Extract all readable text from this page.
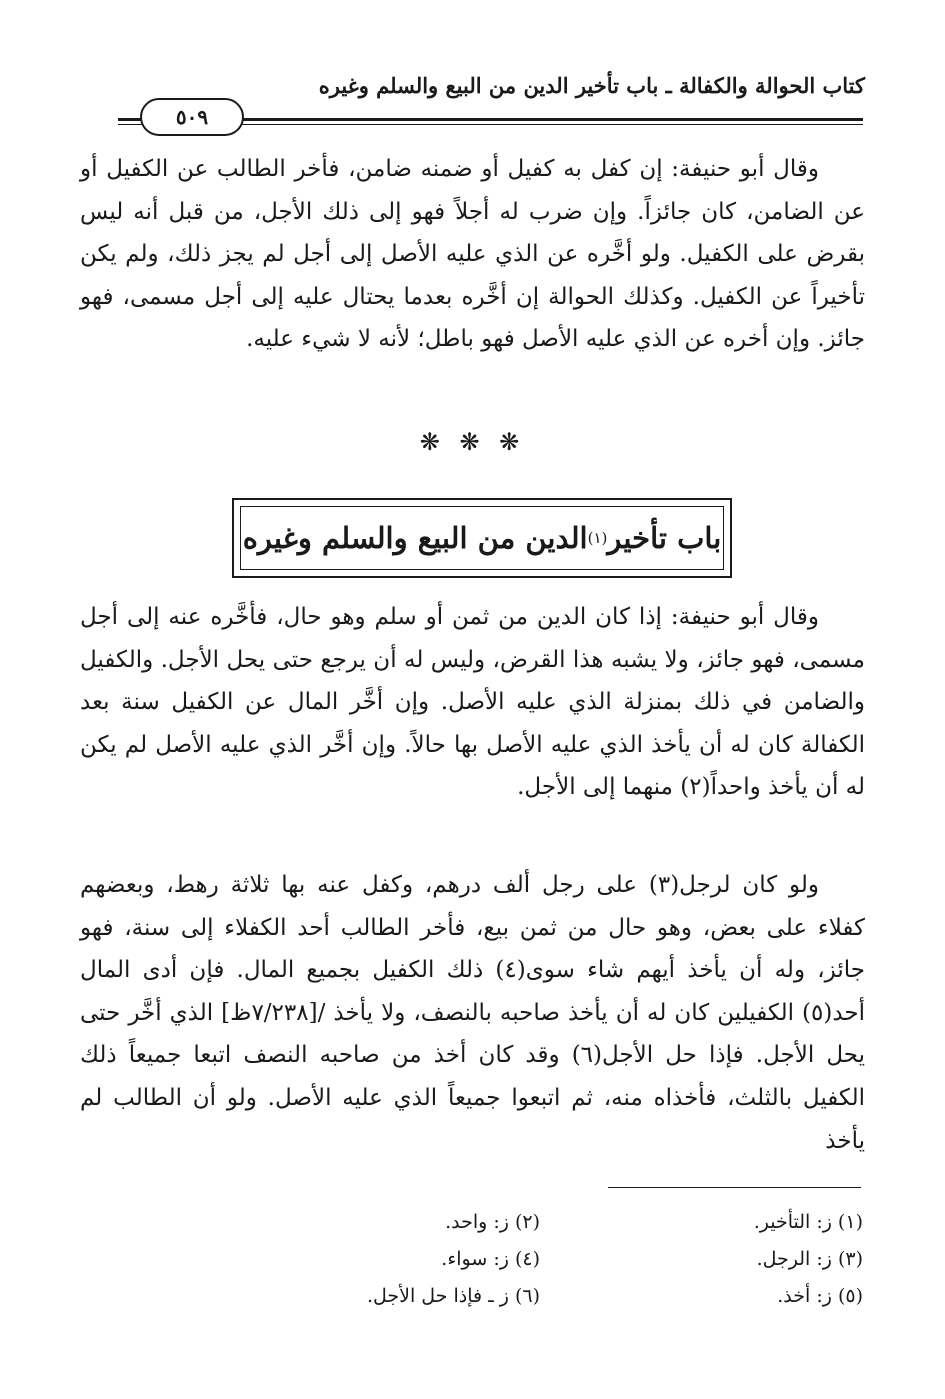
كتاب الحوالة والكفالة ـ باب تأخير الدين من البيع والسلم وغيره
٥٠٩

وقال أبو حنيفة: إن كفل به كفيل أو ضمنه ضامن، فأخر الطالب عن الكفيل أو عن الضامن، كان جائزاً. وإن ضرب له أجلاً فهو إلى ذلك الأجل، من قبل أنه ليس بقرض على الكفيل. ولو أخَّره عن الذي عليه الأصل إلى أجل لم يجز ذلك، ولم يكن تأخيراً عن الكفيل. وكذلك الحوالة إن أخَّره بعدما يحتال عليه إلى أجل مسمى، فهو جائز. وإن أخره عن الذي عليه الأصل فهو باطل؛ لأنه لا شيء عليه.

❋ ❋ ❋
باب تأخير
(١)
الدين من البيع والسلم وغيره

وقال أبو حنيفة: إذا كان الدين من ثمن أو سلم وهو حال، فأخَّره عنه إلى أجل مسمى، فهو جائز، ولا يشبه هذا القرض، وليس له أن يرجع حتى يحل الأجل. والكفيل والضامن في ذلك بمنزلة الذي عليه الأصل. وإن أخَّر المال عن الكفيل سنة بعد الكفالة كان له أن يأخذ الذي عليه الأصل بها حالاً. وإن أخَّر الذي عليه الأصل لم يكن له أن يأخذ واحداً(٢) منهما إلى الأجل.

ولو كان لرجل(٣) على رجل ألف درهم، وكفل عنه بها ثلاثة رهط، وبعضهم كفلاء على بعض، وهو حال من ثمن بيع، فأخر الطالب أحد الكفلاء إلى سنة، فهو جائز، وله أن يأخذ أيهم شاء سوى(٤) ذلك الكفيل بجميع المال. فإن أدى المال أحد(٥) الكفيلين كان له أن يأخذ صاحبه بالنصف، ولا يأخذ /[٧/٢٣٨ظ] الذي أخَّر حتى يحل الأجل. فإذا حل الأجل(٦) وقد كان أخذ من صاحبه النصف اتبعا جميعاً ذلك الكفيل بالثلث، فأخذاه منه، ثم اتبعوا جميعاً الذي عليه الأصل. ولو أن الطالب لم يأخذ

(١) ز: التأخير.
(٢) ز: واحد.
(٣) ز: الرجل.
(٤) ز: سواء.
(٥) ز: أخذ.
(٦) ز ـ فإذا حل الأجل.
